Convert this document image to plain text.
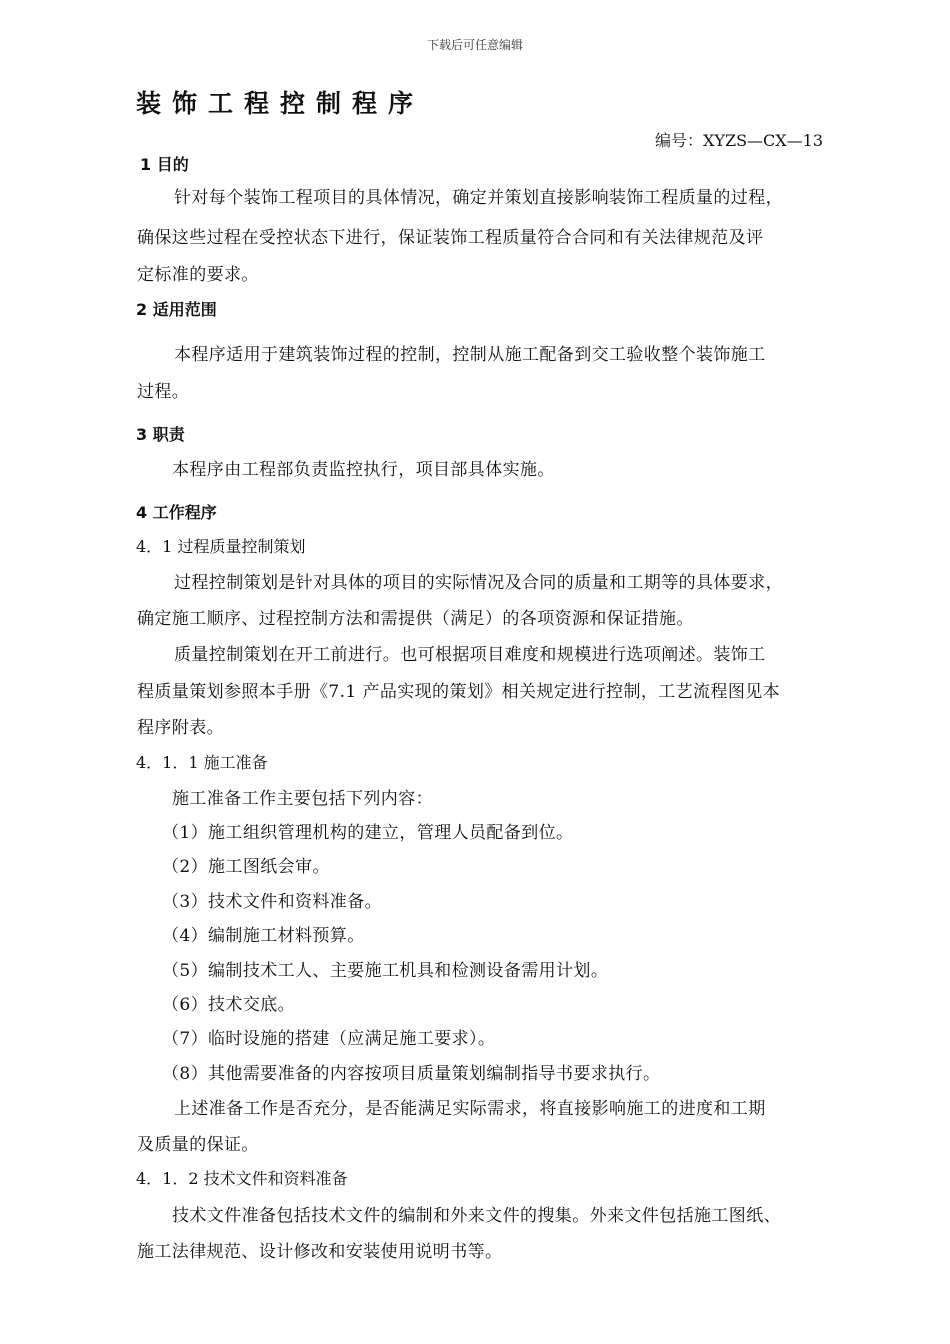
下载后可任意编辑
装饰工程控制程序
编号：XYZS—CX—13
1 目的
针对每个装饰工程项目的具体情况，确定并策划直接影响装饰工程质量的过程，
确保这些过程在受控状态下进行，保证装饰工程质量符合合同和有关法律规范及评
定标准的要求。
2 适用范围
本程序适用于建筑装饰过程的控制，控制从施工配备到交工验收整个装饰施工
过程。
3 职责
本程序由工程部负责监控执行，项目部具体实施。
4 工作程序
4．1 过程质量控制策划
过程控制策划是针对具体的项目的实际情况及合同的质量和工期等的具体要求，
确定施工顺序、过程控制方法和需提供（满足）的各项资源和保证措施。
质量控制策划在开工前进行。也可根据项目难度和规模进行选项阐述。装饰工
程质量策划参照本手册《7.1 产品实现的策划》相关规定进行控制，工艺流程图见本
程序附表。
4．1．1 施工准备
施工准备工作主要包括下列内容：
（1）施工组织管理机构的建立，管理人员配备到位。
（2）施工图纸会审。
（3）技术文件和资料准备。
（4）编制施工材料预算。
（5）编制技术工人、主要施工机具和检测设备需用计划。
（6）技术交底。
（7）临时设施的搭建（应满足施工要求）。
（8）其他需要准备的内容按项目质量策划编制指导书要求执行。
上述准备工作是否充分，是否能满足实际需求，将直接影响施工的进度和工期
及质量的保证。
4．1．2 技术文件和资料准备
技术文件准备包括技术文件的编制和外来文件的搜集。外来文件包括施工图纸、
施工法律规范、设计修改和安装使用说明书等。
